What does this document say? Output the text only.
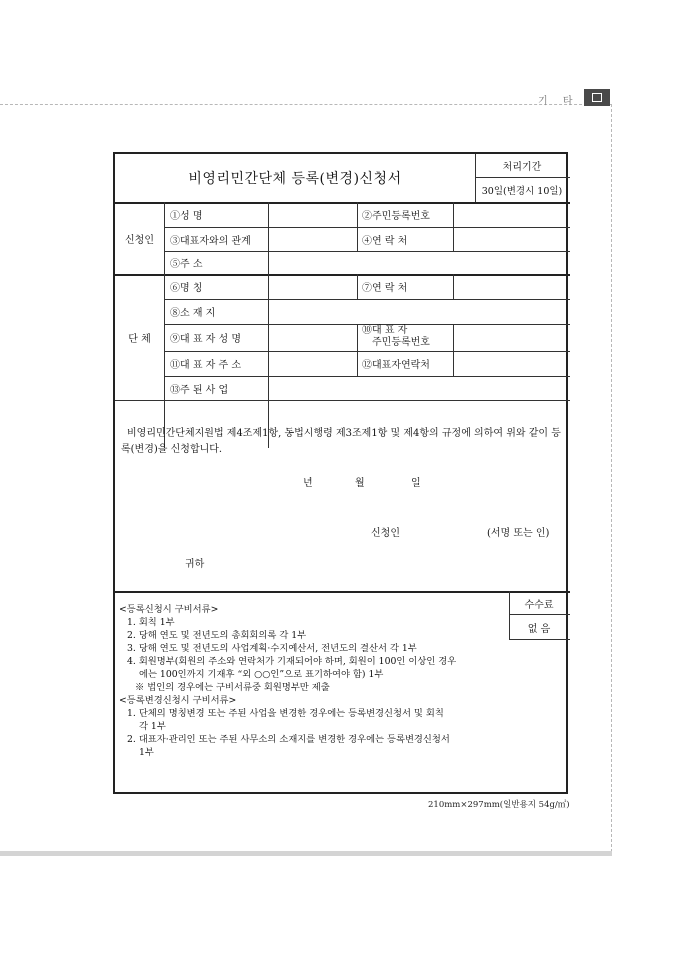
기 타
비영리민간단체 등록(변경)신청서
처리기간
30일(변경시 10일)
신청인
①성 명	②주민등록번호
③대표자와의 관계	④연 락 처
⑤주 소
단 체
⑥명 칭	⑦연 락 처
⑧소 재 지
⑨대 표 자 성 명
⑩대 표 자
주민등록번호
⑪대 표 자 주 소	⑫대표자연락처
⑬주 된 사 업
비영리민간단체지원법 제4조제1항, 동법시행령 제3조제1항 및 제4항의 규정에 의하여 위와 같이 등록(변경)을 신청합니다.
년	월	일
신청인	(서명 또는 인)
귀하
수수료
없 음
<등록신청시 구비서류>
1. 회칙 1부
2. 당해 연도 및 전년도의 총회회의록 각 1부
3. 당해 연도 및 전년도의 사업계획·수지예산서, 전년도의 결산서 각 1부
4. 회원명부(회원의 주소와 연락처가 기재되어야 하며, 회원이 100인 이상인 경우
에는 100인까지 기재후 “외 ○○인”으로 표기하여야 함) 1부
※ 법인의 경우에는 구비서류중 회원명부만 제출
<등록변경신청시 구비서류>
1. 단체의 명칭변경 또는 주된 사업을 변경한 경우에는 등록변경신청서 및 회칙
각 1부
2. 대표자·관리인 또는 주된 사무소의 소재지를 변경한 경우에는 등록변경신청서
1부
210mm×297mm(일반용지 54g/㎡)
